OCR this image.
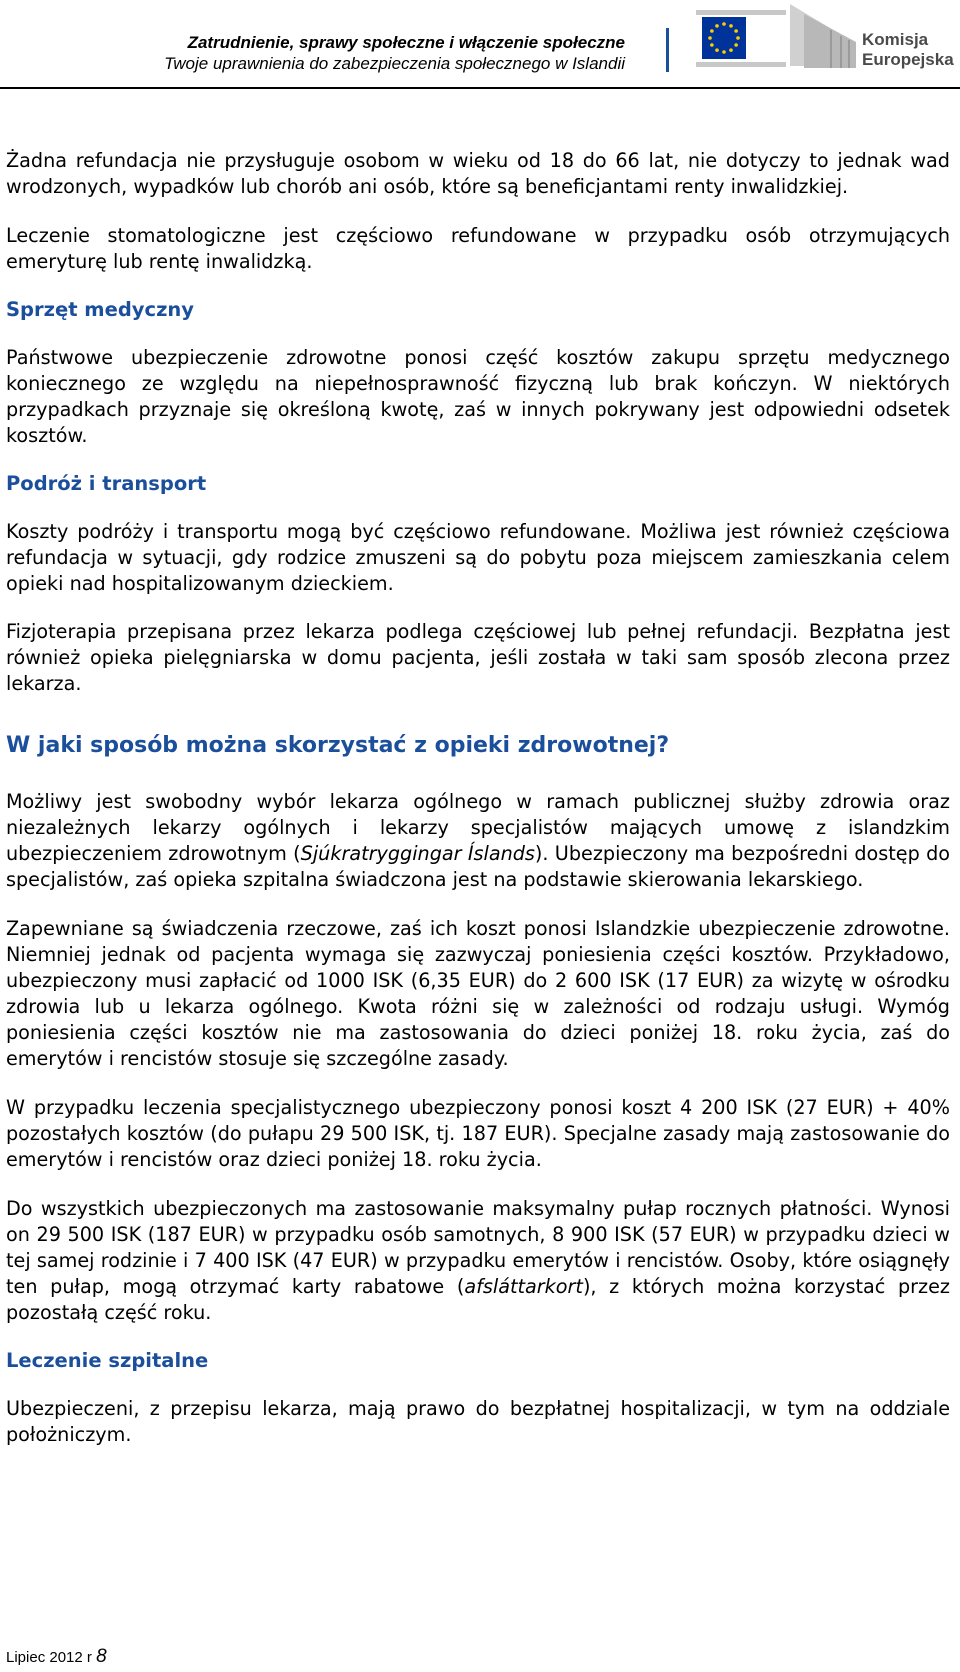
Zatrudnienie, sprawy społeczne i włączenie społeczne
Twoje uprawnienia do zabezpieczenia społecznego w Islandii
Komisja
Europejska

Żadna refundacja nie przysługuje osobom w wieku od 18 do 66 lat, nie dotyczy to jednak wad wrodzonych, wypadków lub chorób ani osób, które są beneficjantami renty inwalidzkiej.

Leczenie stomatologiczne jest częściowo refundowane w przypadku osób otrzymujących emeryturę lub rentę inwalidzką.

Sprzęt medyczny

Państwowe ubezpieczenie zdrowotne ponosi część kosztów zakupu sprzętu medycznego koniecznego ze względu na niepełnosprawność fizyczną lub brak kończyn. W niektórych przypadkach przyznaje się określoną kwotę, zaś w innych pokrywany jest odpowiedni odsetek kosztów.

Podróż i transport

Koszty podróży i transportu mogą być częściowo refundowane. Możliwa jest również częściowa refundacja w sytuacji, gdy rodzice zmuszeni są do pobytu poza miejscem zamieszkania celem opieki nad hospitalizowanym dzieckiem.

Fizjoterapia przepisana przez lekarza podlega częściowej lub pełnej refundacji. Bezpłatna jest również opieka pielęgniarska w domu pacjenta, jeśli została w taki sam sposób zlecona przez lekarza.

W jaki sposób można skorzystać z opieki zdrowotnej?

Możliwy jest swobodny wybór lekarza ogólnego w ramach publicznej służby zdrowia oraz niezależnych lekarzy ogólnych i lekarzy specjalistów mających umowę z islandzkim ubezpieczeniem zdrowotnym (Sjúkratryggingar Íslands). Ubezpieczony ma bezpośredni dostęp do specjalistów, zaś opieka szpitalna świadczona jest na podstawie skierowania lekarskiego.

Zapewniane są świadczenia rzeczowe, zaś ich koszt ponosi Islandzkie ubezpieczenie zdrowotne. Niemniej jednak od pacjenta wymaga się zazwyczaj poniesienia części kosztów. Przykładowo, ubezpieczony musi zapłacić od 1000 ISK (6,35 EUR) do 2 600 ISK (17 EUR) za wizytę w ośrodku zdrowia lub u lekarza ogólnego. Kwota różni się w zależności od rodzaju usługi. Wymóg poniesienia części kosztów nie ma zastosowania do dzieci poniżej 18. roku życia, zaś do emerytów i rencistów stosuje się szczególne zasady.

W przypadku leczenia specjalistycznego ubezpieczony ponosi koszt 4 200 ISK (27 EUR) + 40% pozostałych kosztów (do pułapu 29 500 ISK, tj. 187 EUR). Specjalne zasady mają zastosowanie do emerytów i rencistów oraz dzieci poniżej 18. roku życia.

Do wszystkich ubezpieczonych ma zastosowanie maksymalny pułap rocznych płatności. Wynosi on 29 500 ISK (187 EUR) w przypadku osób samotnych, 8 900 ISK (57 EUR) w przypadku dzieci w tej samej rodzinie i 7 400 ISK (47 EUR) w przypadku emerytów i rencistów. Osoby, które osiągnęły ten pułap, mogą otrzymać karty rabatowe (afsláttarkort), z których można korzystać przez pozostałą część roku.

Leczenie szpitalne

Ubezpieczeni, z przepisu lekarza, mają prawo do bezpłatnej hospitalizacji, w tym na oddziale położniczym.

Lipiec 2012 r 8
